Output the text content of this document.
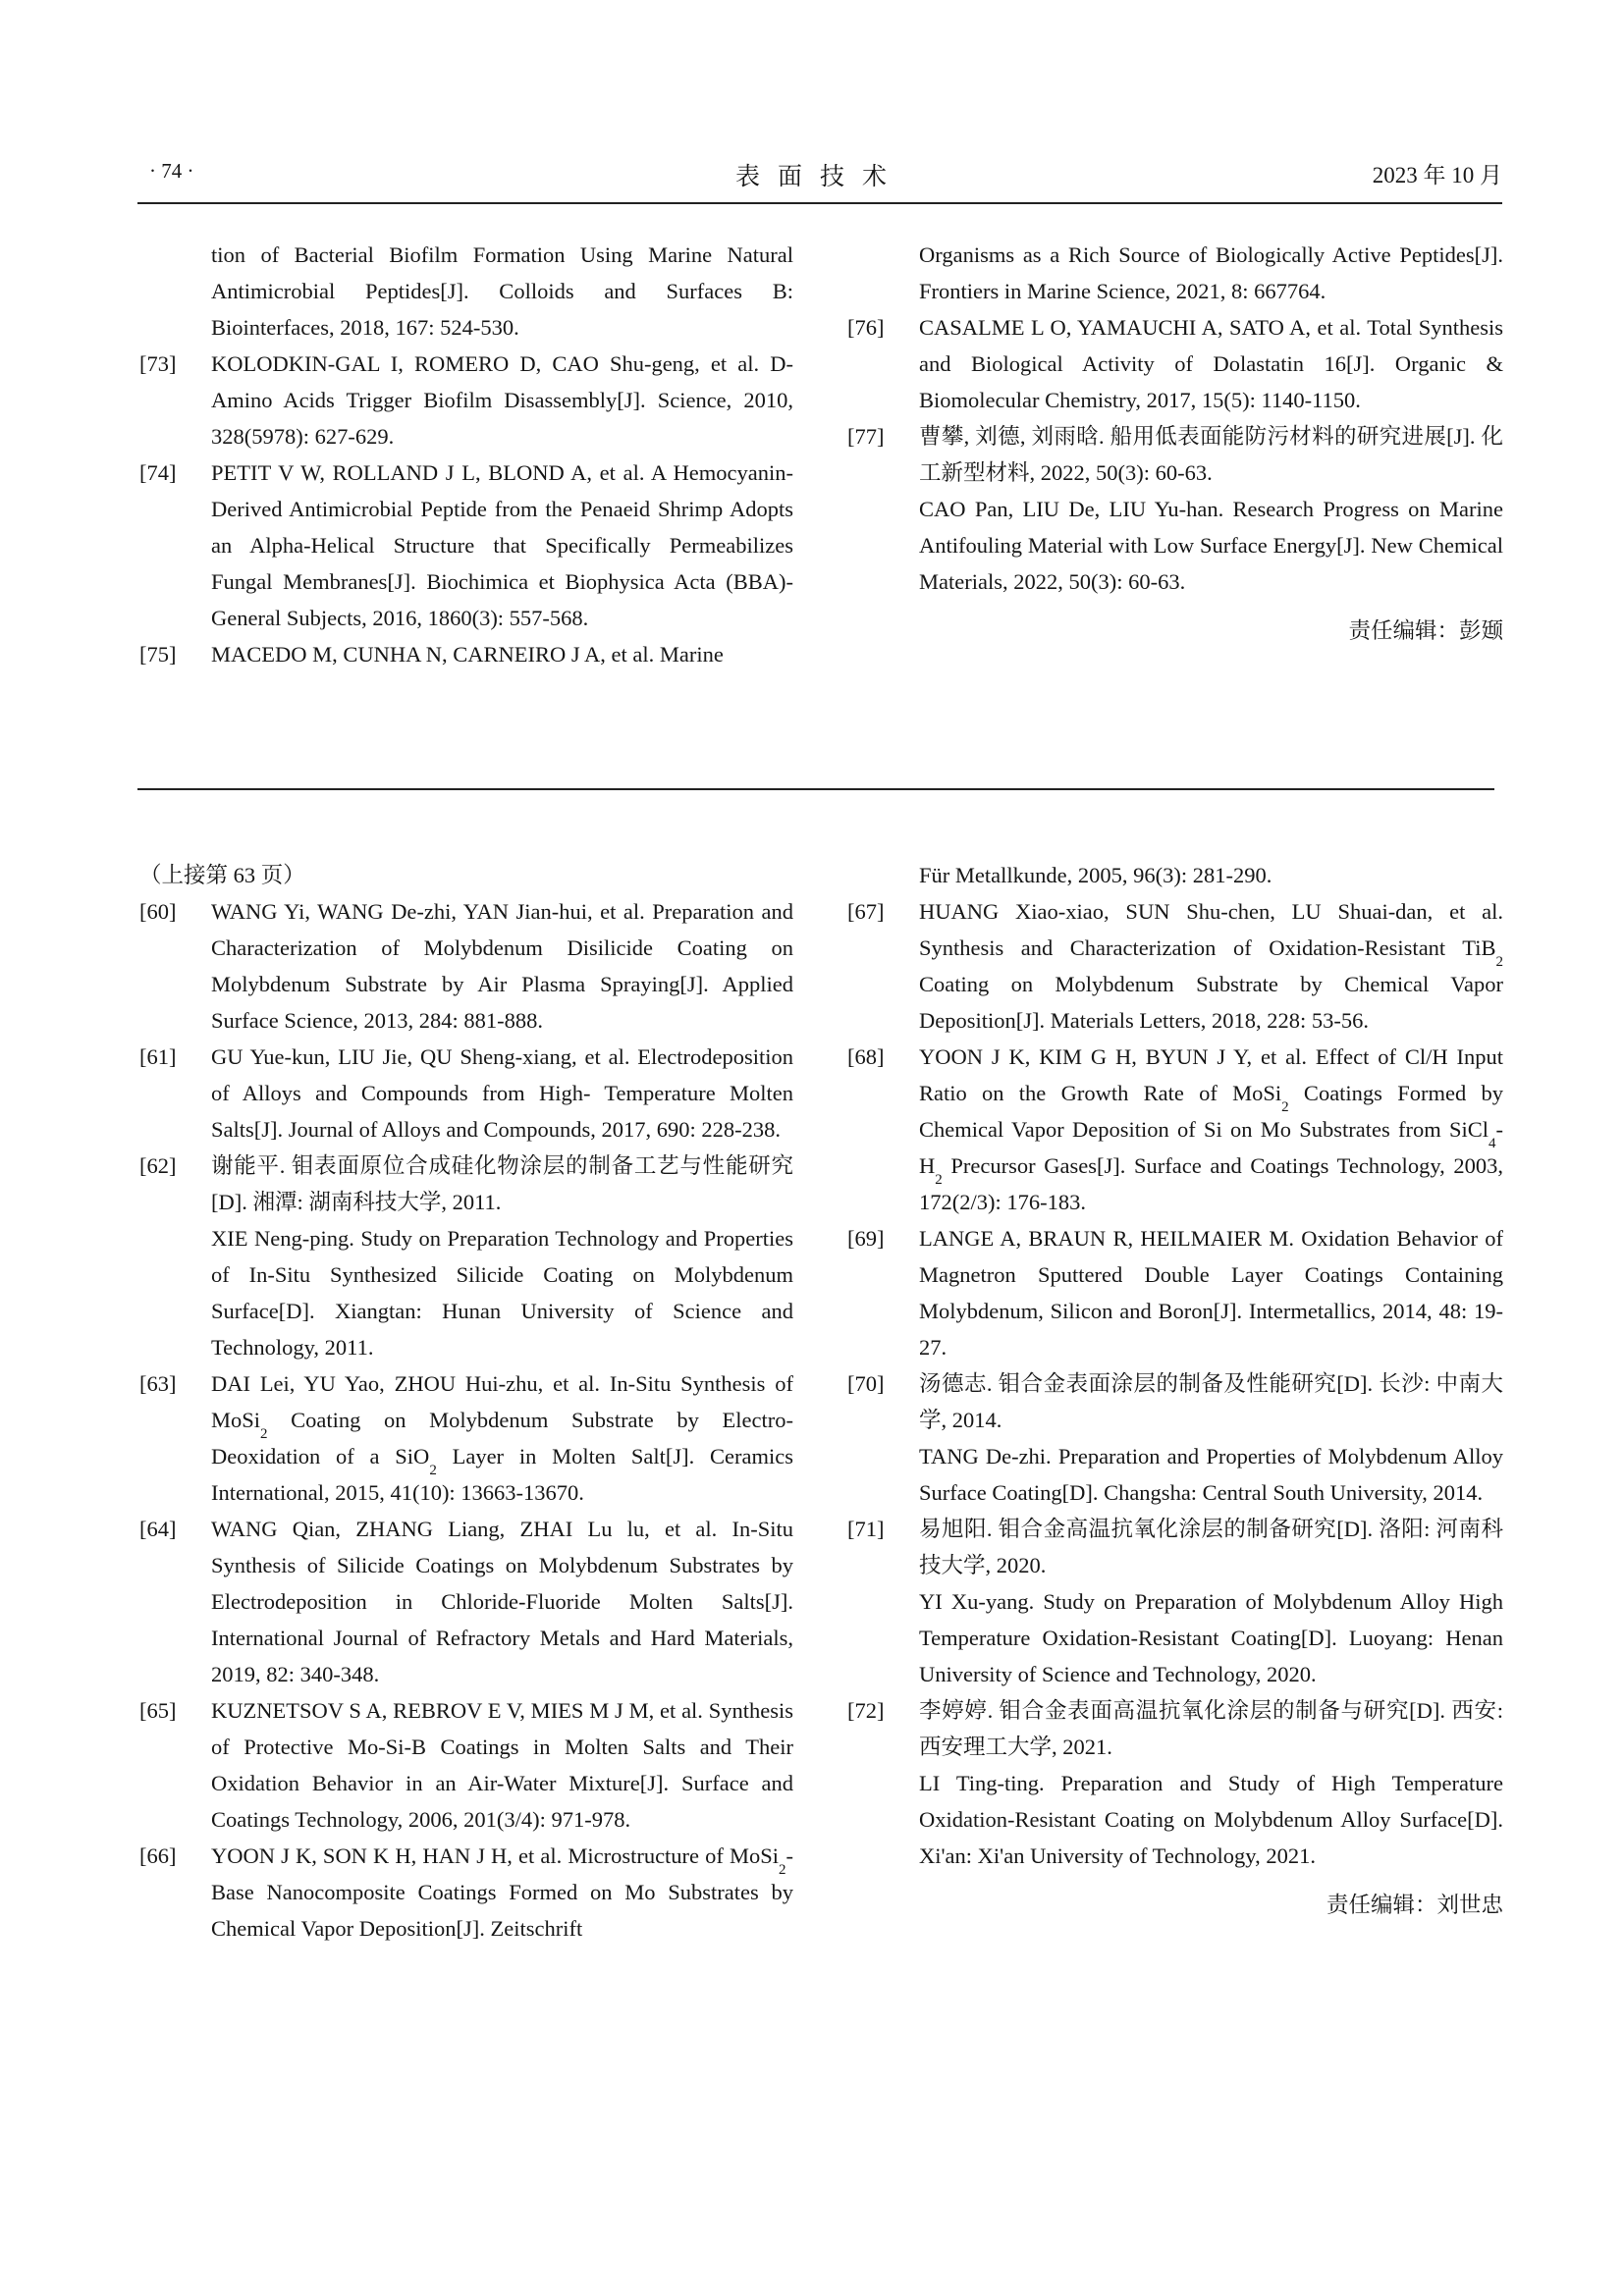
· 74 ·	表面技术	2023 年 10 月
tion of Bacterial Biofilm Formation Using Marine Natural Antimicrobial Peptides[J]. Colloids and Surfaces B: Biointerfaces, 2018, 167: 524-530.
[73] KOLODKIN-GAL I, ROMERO D, CAO Shu-geng, et al. D-Amino Acids Trigger Biofilm Disassembly[J]. Science, 2010, 328(5978): 627-629.
[74] PETIT V W, ROLLAND J L, BLOND A, et al. A Hemocyanin-Derived Antimicrobial Peptide from the Penaeid Shrimp Adopts an Alpha-Helical Structure that Specifically Permeabilizes Fungal Membranes[J]. Biochimica et Biophysica Acta (BBA)-General Subjects, 2016, 1860(3): 557-568.
[75] MACEDO M, CUNHA N, CARNEIRO J A, et al. Marine
Organisms as a Rich Source of Biologically Active Peptides[J]. Frontiers in Marine Science, 2021, 8: 667764.
[76] CASALME L O, YAMAUCHI A, SATO A, et al. Total Synthesis and Biological Activity of Dolastatin 16[J]. Organic & Biomolecular Chemistry, 2017, 15(5): 1140-1150.
[77] 曹攀, 刘德, 刘雨晗. 船用低表面能防污材料的研究进展[J]. 化工新型材料, 2022, 50(3): 60-63.
CAO Pan, LIU De, LIU Yu-han. Research Progress on Marine Antifouling Material with Low Surface Energy[J]. New Chemical Materials, 2022, 50(3): 60-63.
责任编辑：彭颋
（上接第 63 页）
[60] WANG Yi, WANG De-zhi, YAN Jian-hui, et al. Preparation and Characterization of Molybdenum Disilicide Coating on Molybdenum Substrate by Air Plasma Spraying[J]. Applied Surface Science, 2013, 284: 881-888.
[61] GU Yue-kun, LIU Jie, QU Sheng-xiang, et al. Electrodeposition of Alloys and Compounds from High- Temperature Molten Salts[J]. Journal of Alloys and Compounds, 2017, 690: 228-238.
[62] 谢能平. 钼表面原位合成硅化物涂层的制备工艺与性能研究[D]. 湘潭: 湖南科技大学, 2011.
XIE Neng-ping. Study on Preparation Technology and Properties of In-Situ Synthesized Silicide Coating on Molybdenum Surface[D]. Xiangtan: Hunan University of Science and Technology, 2011.
[63] DAI Lei, YU Yao, ZHOU Hui-zhu, et al. In-Situ Synthesis of MoSi$_2$ Coating on Molybdenum Substrate by Electro-Deoxidation of a SiO$_2$ Layer in Molten Salt[J]. Ceramics International, 2015, 41(10): 13663-13670.
[64] WANG Qian, ZHANG Liang, ZHAI Lu lu, et al. In-Situ Synthesis of Silicide Coatings on Molybdenum Substrates by Electrodeposition in Chloride-Fluoride Molten Salts[J]. International Journal of Refractory Metals and Hard Materials, 2019, 82: 340-348.
[65] KUZNETSOV S A, REBROV E V, MIES M J M, et al. Synthesis of Protective Mo-Si-B Coatings in Molten Salts and Their Oxidation Behavior in an Air-Water Mixture[J]. Surface and Coatings Technology, 2006, 201(3/4): 971-978.
[66] YOON J K, SON K H, HAN J H, et al. Microstructure of MoSi$_2$-Base Nanocomposite Coatings Formed on Mo Substrates by Chemical Vapor Deposition[J]. Zeitschrift
Für Metallkunde, 2005, 96(3): 281-290.
[67] HUANG Xiao-xiao, SUN Shu-chen, LU Shuai-dan, et al. Synthesis and Characterization of Oxidation-Resistant TiB$_2$ Coating on Molybdenum Substrate by Chemical Vapor Deposition[J]. Materials Letters, 2018, 228: 53-56.
[68] YOON J K, KIM G H, BYUN J Y, et al. Effect of Cl/H Input Ratio on the Growth Rate of MoSi$_2$ Coatings Formed by Chemical Vapor Deposition of Si on Mo Substrates from $SiCl_4-H_2$ Precursor Gases[J]. Surface and Coatings Technology, 2003, 172(2/3): 176-183.
[69] LANGE A, BRAUN R, HEILMAIER M. Oxidation Behavior of Magnetron Sputtered Double Layer Coatings Containing Molybdenum, Silicon and Boron[J]. Intermetallics, 2014, 48: 19-27.
[70] 汤德志. 钼合金表面涂层的制备及性能研究[D]. 长沙: 中南大学, 2014.
TANG De-zhi. Preparation and Properties of Molybdenum Alloy Surface Coating[D]. Changsha: Central South University, 2014.
[71] 易旭阳. 钼合金高温抗氧化涂层的制备研究[D]. 洛阳: 河南科技大学, 2020.
YI Xu-yang. Study on Preparation of Molybdenum Alloy High Temperature Oxidation-Resistant Coating[D]. Luoyang: Henan University of Science and Technology, 2020.
[72] 李婷婷. 钼合金表面高温抗氧化涂层的制备与研究[D]. 西安: 西安理工大学, 2021.
LI Ting-ting. Preparation and Study of High Temperature Oxidation-Resistant Coating on Molybdenum Alloy Surface[D]. Xi'an: Xi'an University of Technology, 2021.
责任编辑：刘世忠
